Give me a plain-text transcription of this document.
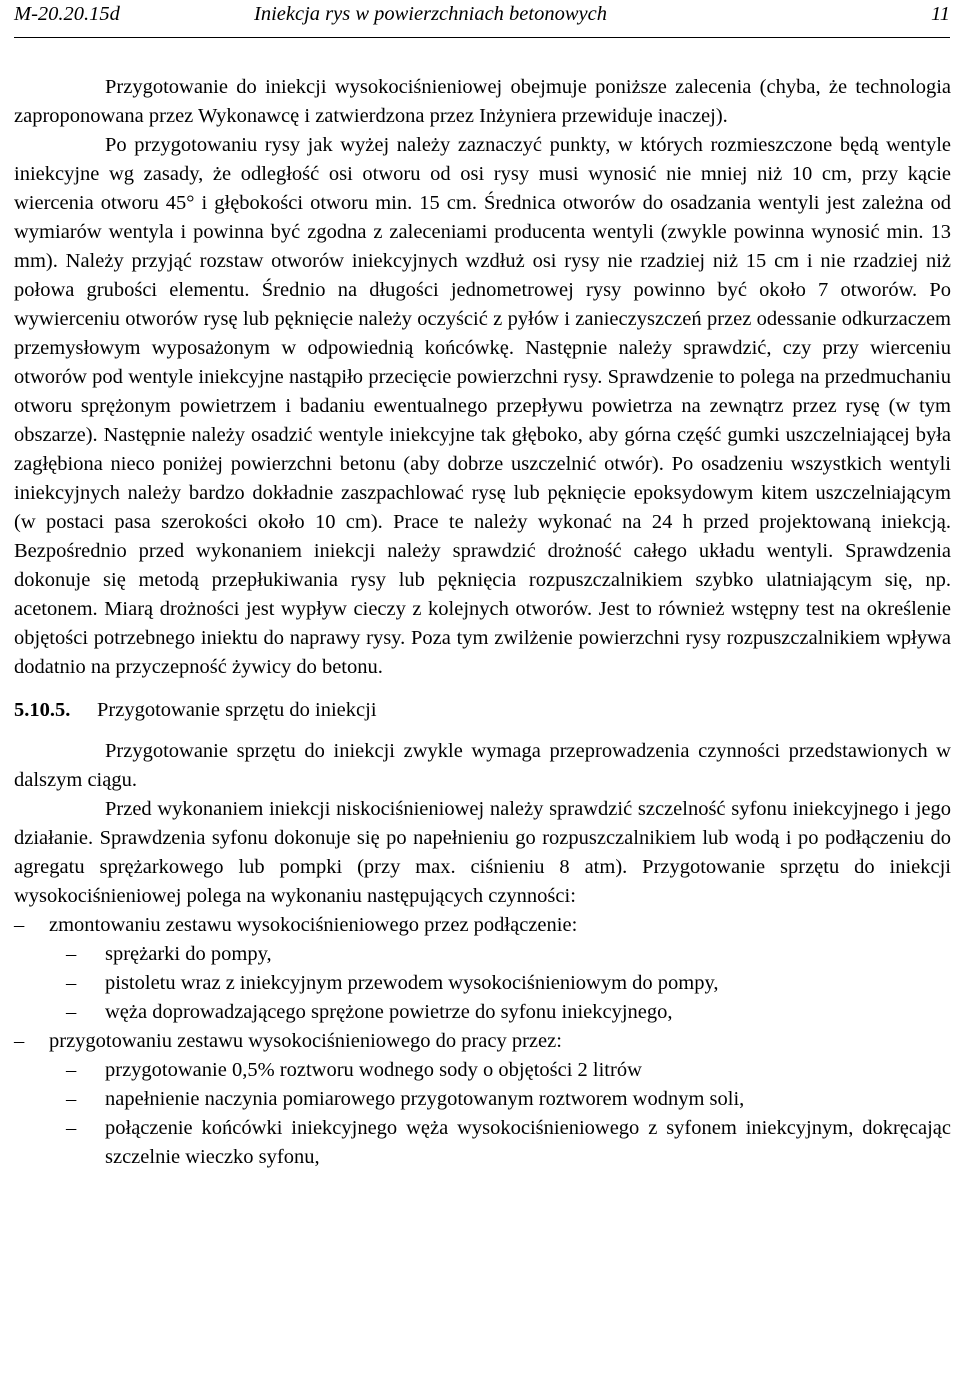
M-20.20.15d	Iniekcja rys w powierzchniach betonowych	11

Przygotowanie do iniekcji wysokociśnieniowej obejmuje poniższe zalecenia (chyba, że technologia zaproponowana przez Wykonawcę i zatwierdzona przez Inżyniera przewiduje inaczej).

Po przygotowaniu rysy jak wyżej należy zaznaczyć punkty, w których rozmieszczone będą wentyle iniekcyjne wg zasady, że odległość osi otworu od osi rysy musi wynosić nie mniej niż 10 cm, przy kącie wiercenia otworu 45° i głębokości otworu min. 15 cm. Średnica otworów do osadzania wentyli jest zależna od wymiarów wentyla i powinna być zgodna z zaleceniami producenta wentyli (zwykle powinna wynosić min. 13 mm). Należy przyjąć rozstaw otworów iniekcyjnych wzdłuż osi rysy nie rzadziej niż 15 cm i nie rzadziej niż połowa grubości elementu. Średnio na długości jednometrowej rysy powinno być około 7 otworów. Po wywierceniu otworów rysę lub pęknięcie należy oczyścić z pyłów i zanieczyszczeń przez odessanie odkurzaczem przemysłowym wyposażonym w odpowiednią końcówkę. Następnie należy sprawdzić, czy przy wierceniu otworów pod wentyle iniekcyjne nastąpiło przecięcie powierzchni rysy. Sprawdzenie to polega na przedmuchaniu otworu sprężonym powietrzem i badaniu ewentualnego przepływu powietrza na zewnątrz przez rysę (w tym obszarze). Następnie należy osadzić wentyle iniekcyjne tak głęboko, aby górna część gumki uszczelniającej była zagłębiona nieco poniżej powierzchni betonu (aby dobrze uszczelnić otwór). Po osadzeniu wszystkich wentyli iniekcyjnych należy bardzo dokładnie zaszpachlować rysę lub pęknięcie epoksydowym kitem uszczelniającym (w postaci pasa szerokości około 10 cm). Prace te należy wykonać na 24 h przed projektowaną iniekcją. Bezpośrednio przed wykonaniem iniekcji należy sprawdzić drożność całego układu wentyli. Sprawdzenia dokonuje się metodą przepłukiwania rysy lub pęknięcia rozpuszczalnikiem szybko ulatniającym się, np. acetonem. Miarą drożności jest wypływ cieczy z kolejnych otworów. Jest to również wstępny test na określenie objętości potrzebnego iniektu do naprawy rysy. Poza tym zwilżenie powierzchni rysy rozpuszczalnikiem wpływa dodatnio na przyczepność żywicy do betonu.

5.10.5. Przygotowanie sprzętu do iniekcji

Przygotowanie sprzętu do iniekcji zwykle wymaga przeprowadzenia czynności przedstawionych w dalszym ciągu.

Przed wykonaniem iniekcji niskociśnieniowej należy sprawdzić szczelność syfonu iniekcyjnego i jego działanie. Sprawdzenia syfonu dokonuje się po napełnieniu go rozpuszczalnikiem lub wodą i po podłączeniu do agregatu sprężarkowego lub pompki (przy max. ciśnieniu 8 atm). Przygotowanie sprzętu do iniekcji wysokociśnieniowej polega na wykonaniu następujących czynności:

– zmontowaniu zestawu wysokociśnieniowego przez podłączenie:
– sprężarki do pompy,
– pistoletu wraz z iniekcyjnym przewodem wysokociśnieniowym do pompy,
– węża doprowadzającego sprężone powietrze do syfonu iniekcyjnego,
– przygotowaniu zestawu wysokociśnieniowego do pracy przez:
– przygotowanie 0,5% roztworu wodnego sody o objętości 2 litrów
– napełnienie naczynia pomiarowego przygotowanym roztworem wodnym soli,
– połączenie końcówki iniekcyjnego węża wysokociśnieniowego z syfonem iniekcyjnym, dokręcając szczelnie wieczko syfonu,
